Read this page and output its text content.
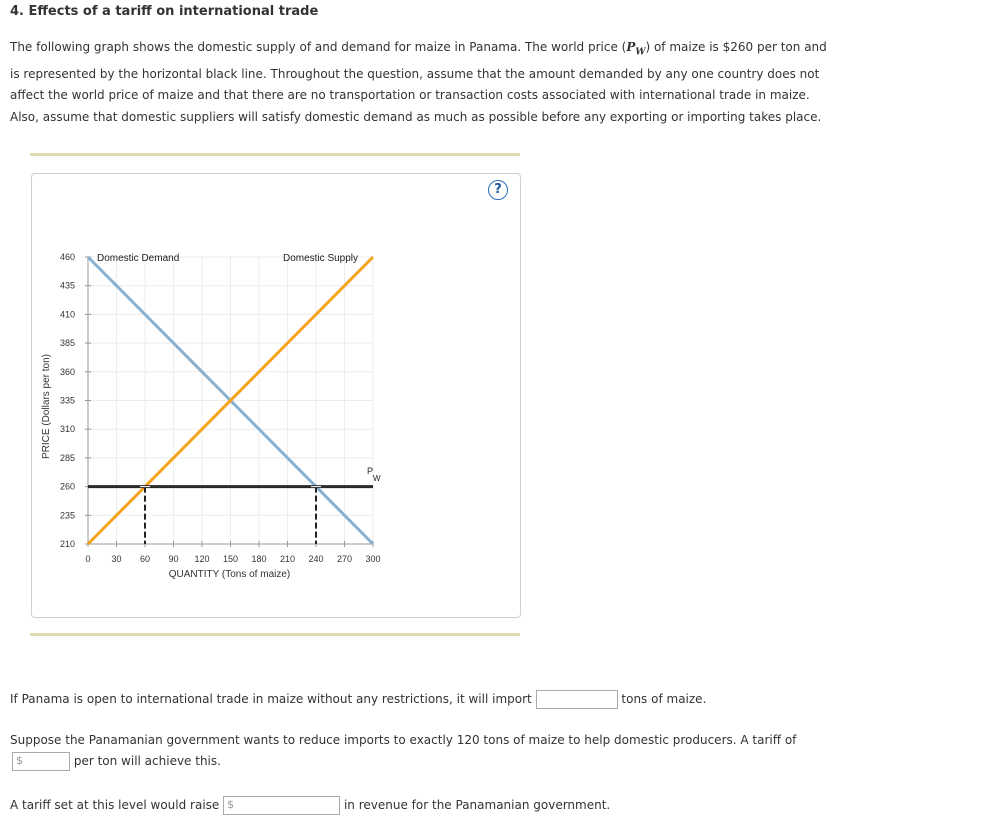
4. Effects of a tariff on international trade
The following graph shows the domestic supply of and demand for maize in Panama. The world price $(P_W)$ of maize is $260 per ton and is represented by the horizontal black line. Throughout the question, assume that the amount demanded by any one country does not affect the world price of maize and that there are no transportation or transaction costs associated with international trade in maize. Also, assume that domestic suppliers will satisfy domestic demand as much as possible before any exporting or importing takes place.
?
460
435
410
385
360
335
310
285
260
235
210
0 30 60 90 120 150 180 210 240 270 300
QUANTITY (Tons of maize)
PRICE (Dollars per ton)
Domestic Demand	Domestic Supply
P
W
If Panama is open to international trade in maize without any restrictions, it will import	tons of maize.
Suppose the Panamanian government wants to reduce imports to exactly 120 tons of maize to help domestic producers. A tariff of
$	per ton will achieve this.
A tariff set at this level would raise $	in revenue for the Panamanian government.
